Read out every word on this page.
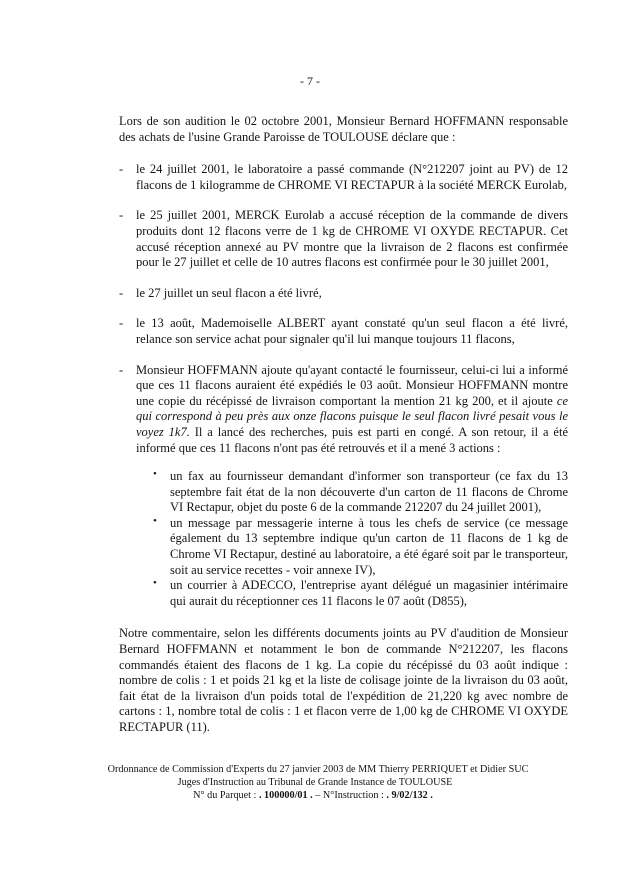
- 7 -

Lors de son audition le 02 octobre 2001, Monsieur Bernard HOFFMANN responsable des achats de l'usine Grande Paroisse de TOULOUSE déclare que :

- le 24 juillet 2001, le laboratoire a passé commande (N°212207 joint au PV) de 12 flacons de 1 kilogramme de CHROME VI RECTAPUR à la société MERCK Eurolab,
- le 25 juillet 2001, MERCK Eurolab a accusé réception de la commande de divers produits dont 12 flacons verre de 1 kg de CHROME VI OXYDE RECTAPUR. Cet accusé réception annexé au PV montre que la livraison de 2 flacons est confirmée pour le 27 juillet et celle de 10 autres flacons est confirmée pour le 30 juillet 2001,
- le 27 juillet un seul flacon a été livré,
- le 13 août, Mademoiselle ALBERT ayant constaté qu'un seul flacon a été livré, relance son service achat pour signaler qu'il lui manque toujours 11 flacons,
- Monsieur HOFFMANN ajoute qu'ayant contacté le fournisseur, celui-ci lui a informé que ces 11 flacons auraient été expédiés le 03 août. Monsieur HOFFMANN montre une copie du récépissé de livraison comportant la mention 21 kg 200, et il ajoute ce qui correspond à peu près aux onze flacons puisque le seul flacon livré pesait vous le voyez 1k7. Il a lancé des recherches, puis est parti en congé. A son retour, il a été informé que ces 11 flacons n'ont pas été retrouvés et il a mené 3 actions :
• un fax au fournisseur demandant d'informer son transporteur (ce fax du 13 septembre fait état de la non découverte d'un carton de 11 flacons de Chrome VI Rectapur, objet du poste 6 de la commande 212207 du 24 juillet 2001),
• un message par messagerie interne à tous les chefs de service (ce message également du 13 septembre indique qu'un carton de 11 flacons de 1 kg de Chrome VI Rectapur, destiné au laboratoire, a été égaré soit par le transporteur, soit au service recettes - voir annexe IV),
• un courrier à ADECCO, l'entreprise ayant délégué un magasinier intérimaire qui aurait du réceptionner ces 11 flacons le 07 août (D855),

Notre commentaire, selon les différents documents joints au PV d'audition de Monsieur Bernard HOFFMANN et notamment le bon de commande N°212207, les flacons commandés étaient des flacons de 1 kg. La copie du récépissé du 03 août indique : nombre de colis : 1 et poids 21 kg et la liste de colisage jointe de la livraison du 03 août, fait état de la livraison d'un poids total de l'expédition de 21,220 kg avec nombre de cartons : 1, nombre total de colis : 1 et flacon verre de 1,00 kg de CHROME VI OXYDE RECTAPUR (11).

Ordonnance de Commission d'Experts du 27 janvier 2003 de MM Thierry PERRIQUET et Didier SUC
Juges d'Instruction au Tribunal de Grande Instance de TOULOUSE
N° du Parquet : . 100000/01 . – N°Instruction : . 9/02/132 .
